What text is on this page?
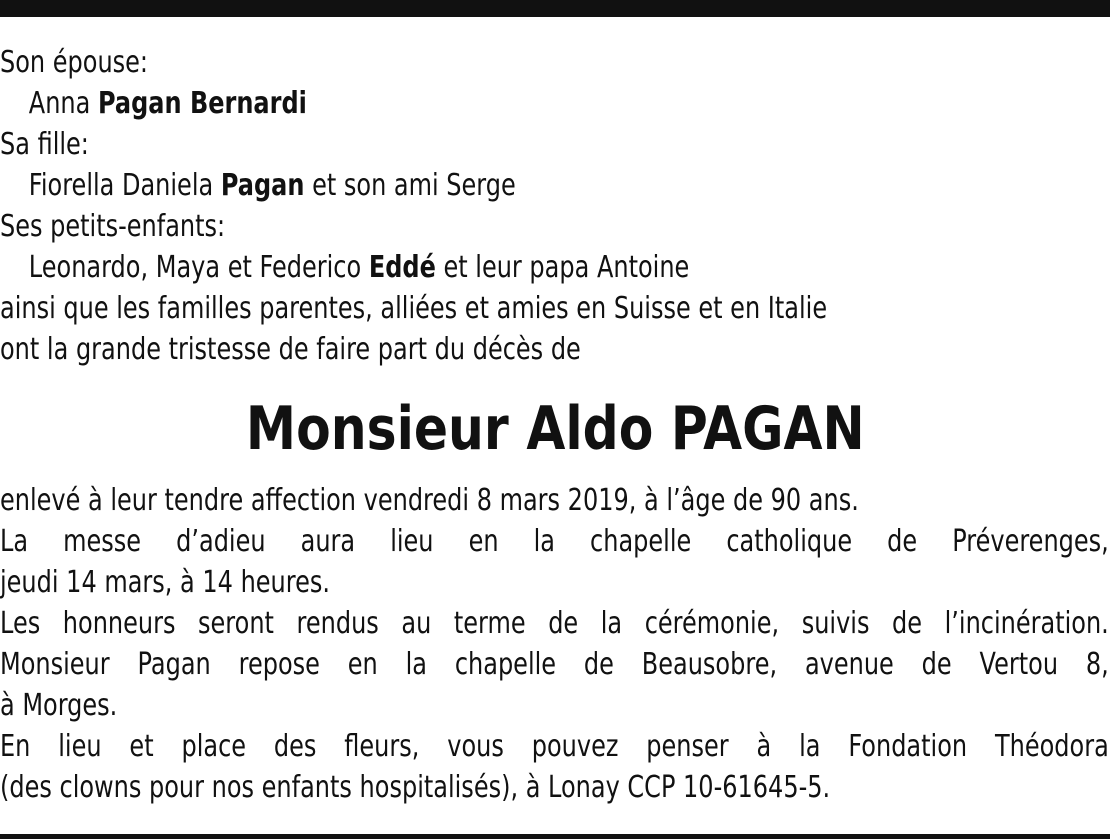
Son épouse:
Anna Pagan Bernardi
Sa fille:
Fiorella Daniela Pagan et son ami Serge
Ses petits-enfants:
Leonardo, Maya et Federico Eddé et leur papa Antoine
ainsi que les familles parentes, alliées et amies en Suisse et en Italie
ont la grande tristesse de faire part du décès de
Monsieur Aldo PAGAN
enlevé à leur tendre affection vendredi 8 mars 2019, à l’âge de 90 ans.
La messe d’adieu aura lieu en la chapelle catholique de Préverenges,
jeudi 14 mars, à 14 heures.
Les honneurs seront rendus au terme de la cérémonie, suivis de l’incinération.
Monsieur Pagan repose en la chapelle de Beausobre, avenue de Vertou 8,
à Morges.
En lieu et place des fleurs, vous pouvez penser à la Fondation Théodora
(des clowns pour nos enfants hospitalisés), à Lonay CCP 10-61645-5.
